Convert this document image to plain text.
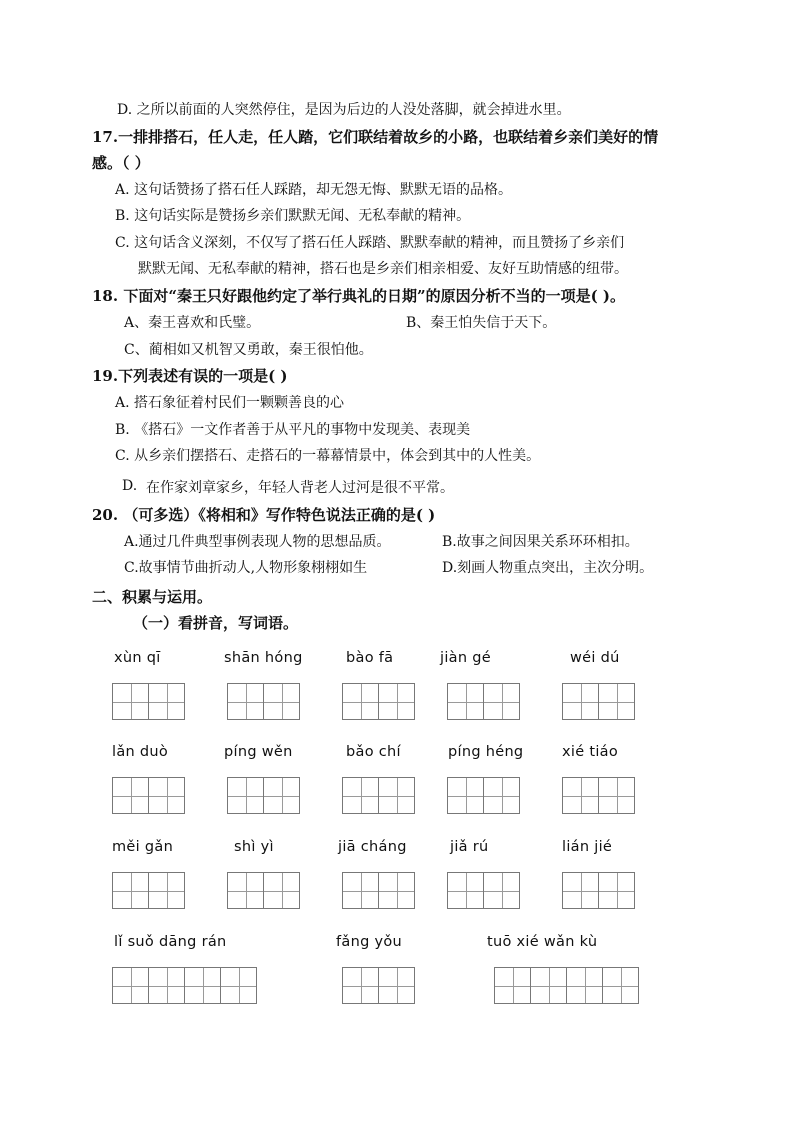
D. 之所以前面的人突然停住，是因为后边的人没处落脚，就会掉进水里。
17.一排排搭石，任人走，任人踏，它们联结着故乡的小路，也联结着乡亲们美好的情
感。（ ）
A. 这句话赞扬了搭石任人踩踏，却无怨无悔、默默无语的品格。
B. 这句话实际是赞扬乡亲们默默无闻、无私奉献的精神。
C. 这句话含义深刻，不仅写了搭石任人踩踏、默默奉献的精神，而且赞扬了乡亲们
默默无闻、无私奉献的精神，搭石也是乡亲们相亲相爱、友好互助情感的纽带。
18. 下面对“秦王只好跟他约定了举行典礼的日期”的原因分析不当的一项是( )。
A、秦王喜欢和氏璧。	B、秦王怕失信于天下。
C、蔺相如又机智又勇敢，秦王很怕他。
19.下列表述有误的一项是( )
A. 搭石象征着村民们一颗颗善良的心
B. 《搭石》一文作者善于从平凡的事物中发现美、表现美
C. 从乡亲们摆搭石、走搭石的一幕幕情景中，体会到其中的人性美。
D. 在作家刘章家乡，年轻人背老人过河是很不平常。
20. （可多选）《将相和》写作特色说法正确的是( )
A.通过几件典型事例表现人物的思想品质。	B.故事之间因果关系环环相扣。
C.故事情节曲折动人,人物形象栩栩如生	D.刻画人物重点突出，主次分明。
二、积累与运用。
（一）看拼音，写词语。
xùn qī	shān hóng	bào fā	jiàn gé	wéi dú
lǎn duò	píng wěn	bǎo chí	píng héng	xié tiáo
měi gǎn	shì yì	jiā cháng	jiǎ rú	lián jié
lǐ suǒ dāng rán	fǎng yǒu	tuō xié wǎn kù
